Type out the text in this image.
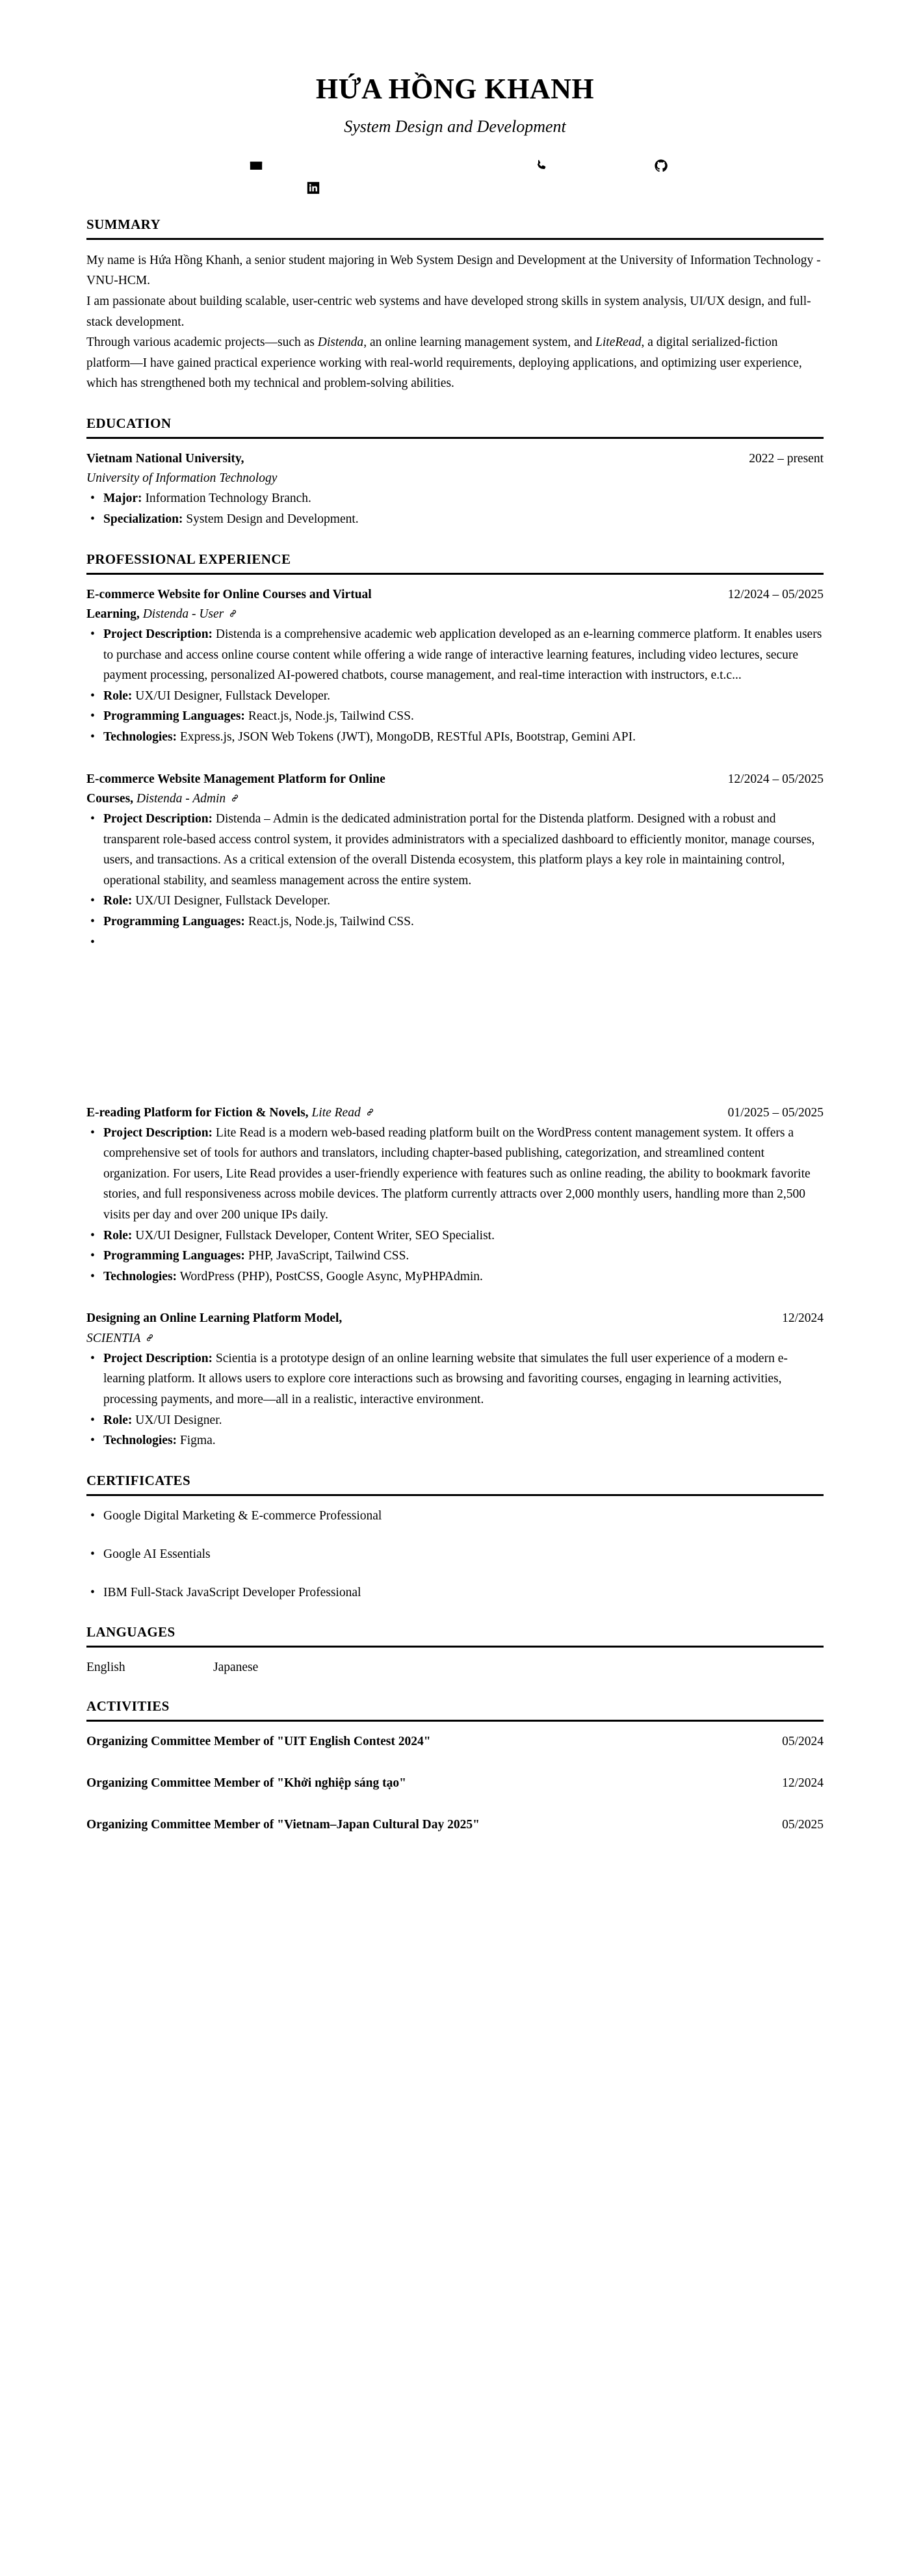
HỨA HỒNG KHANH
System Design and Development
SUMMARY

My name is Hứa Hồng Khanh, a senior student majoring in Web System Design and Development at the University of Information Technology - VNU-HCM.

I am passionate about building scalable, user-centric web systems and have developed strong skills in system analysis, UI/UX design, and full-stack development.

Through various academic projects—such as Distenda, an online learning management system, and LiteRead, a digital serialized-fiction platform—I have gained practical experience working with real-world requirements, deploying applications, and optimizing user experience, which has strengthened both my technical and problem-solving abilities.

EDUCATION
Vietnam National University,	2022 – present
University of Information Technology
• Major: Information Technology Branch.
• Specialization: System Design and Development.
PROFESSIONAL EXPERIENCE
E-commerce Website for Online Courses and Virtual
Learning, Distenda - User
12/2024 – 05/2025
• Project Description: Distenda is a comprehensive academic web application developed as an e-learning commerce platform. It enables users to purchase and access online course content while offering a wide range of interactive learning features, including video lectures, secure payment processing, personalized AI-powered chatbots, course management, and real-time interaction with instructors, e.t.c...
• Role: UX/UI Designer, Fullstack Developer.
• Programming Languages: React.js, Node.js, Tailwind CSS.
• Technologies: Express.js, JSON Web Tokens (JWT), MongoDB, RESTful APIs, Bootstrap, Gemini API.
E-commerce Website Management Platform for Online
Courses, Distenda - Admin
12/2024 – 05/2025
• Project Description: Distenda – Admin is the dedicated administration portal for the Distenda platform. Designed with a robust and transparent role-based access control system, it provides administrators with a specialized dashboard to efficiently monitor, manage courses, users, and transactions. As a critical extension of the overall Distenda ecosystem, this platform plays a key role in maintaining control, operational stability, and seamless management across the entire system.
• Role: UX/UI Designer, Fullstack Developer.
• Programming Languages: React.js, Node.js, Tailwind CSS.
•
E-reading Platform for Fiction & Novels, Lite Read	01/2025 – 05/2025
• Project Description: Lite Read is a modern web-based reading platform built on the WordPress content management system. It offers a comprehensive set of tools for authors and translators, including chapter-based publishing, categorization, and streamlined content organization. For users, Lite Read provides a user-friendly experience with features such as online reading, the ability to bookmark favorite stories, and full responsiveness across mobile devices. The platform currently attracts over 2,000 monthly users, handling more than 2,500 visits per day and over 200 unique IPs daily.
• Role: UX/UI Designer, Fullstack Developer, Content Writer, SEO Specialist.
• Programming Languages: PHP, JavaScript, Tailwind CSS.
• Technologies: WordPress (PHP), PostCSS, Google Async, MyPHPAdmin.
Designing an Online Learning Platform Model,
SCIENTIA
12/2024
• Project Description: Scientia is a prototype design of an online learning website that simulates the full user experience of a modern e-learning platform. It allows users to explore core interactions such as browsing and favoriting courses, engaging in learning activities, processing payments, and more—all in a realistic, interactive environment.
• Role: UX/UI Designer.
• Technologies: Figma.
CERTIFICATES
• Google Digital Marketing & E-commerce Professional
• Google AI Essentials
• IBM Full-Stack JavaScript Developer Professional
LANGUAGES
English	Japanese
ACTIVITIES
Organizing Committee Member of "UIT English Contest 2024"	05/2024
Organizing Committee Member of "Khởi nghiệp sáng tạo"	12/2024
Organizing Committee Member of "Vietnam–Japan Cultural Day 2025"	05/2025
